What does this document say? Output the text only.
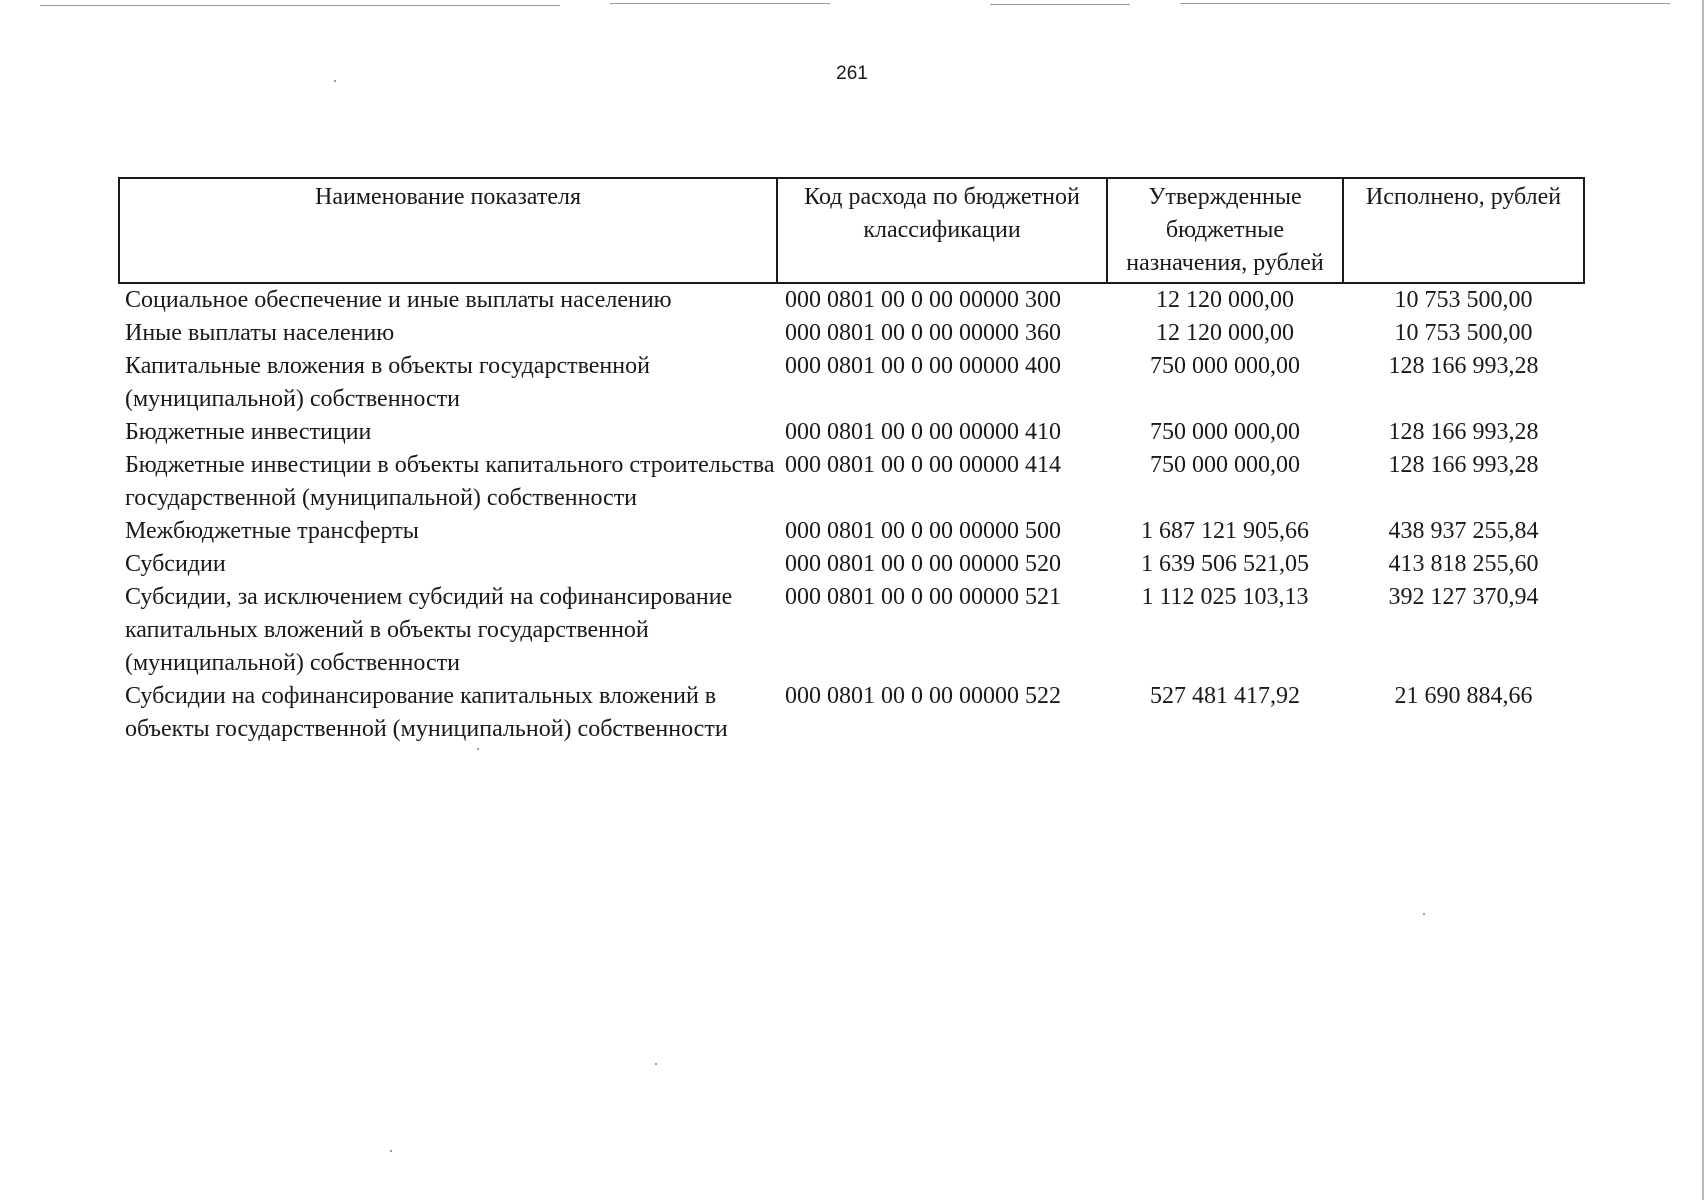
261
Наименование показателя	Код расхода по бюджетной классификации	Утвержденные бюджетные назначения, рублей	Исполнено, рублей
Социальное обеспечение и иные выплаты населению	000 0801 00 0 00 00000 300	12 120 000,00	10 753 500,00
Иные выплаты населению	000 0801 00 0 00 00000 360	12 120 000,00	10 753 500,00
Капитальные вложения в объекты государственной (муниципальной) собственности	000 0801 00 0 00 00000 400	750 000 000,00	128 166 993,28
Бюджетные инвестиции	000 0801 00 0 00 00000 410	750 000 000,00	128 166 993,28
Бюджетные инвестиции в объекты капитального строительства государственной (муниципальной) собственности	000 0801 00 0 00 00000 414	750 000 000,00	128 166 993,28
Межбюджетные трансферты	000 0801 00 0 00 00000 500	1 687 121 905,66	438 937 255,84
Субсидии	000 0801 00 0 00 00000 520	1 639 506 521,05	413 818 255,60
Субсидии, за исключением субсидий на софинансирование капитальных вложений в объекты государственной (муниципальной) собственности	000 0801 00 0 00 00000 521	1 112 025 103,13	392 127 370,94
Субсидии на софинансирование капитальных вложений в объекты государственной (муниципальной) собственности	000 0801 00 0 00 00000 522	527 481 417,92	21 690 884,66
